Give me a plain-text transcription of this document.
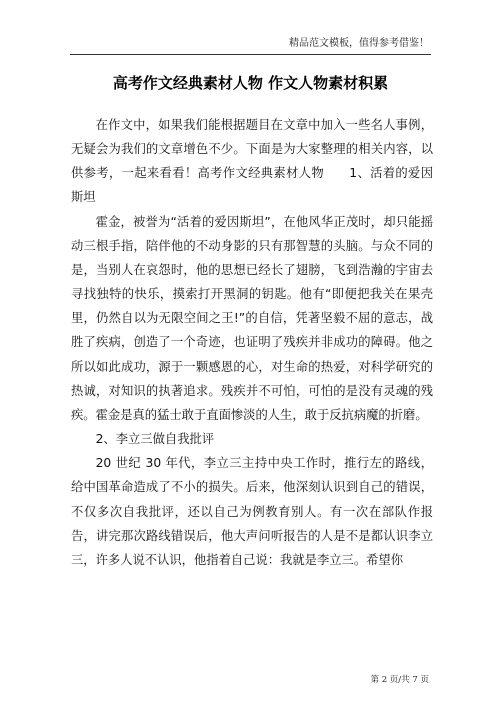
精品范文模板，值得参考借鉴！
高考作文经典素材人物 作文人物素材积累

在作文中，如果我们能根据题目在文章中加入一些名人事例，无疑会为我们的文章增色不少。下面是为大家整理的相关内容，以供参考，一起来看看！高考作文经典素材人物　　1、活着的爱因斯坦

霍金，被誉为“活着的爱因斯坦”，在他风华正茂时，却只能摇动三根手指，陪伴他的不动身影的只有那智慧的头脑。与众不同的是，当别人在哀怨时，他的思想已经长了翅膀，飞到浩瀚的宇宙去寻找独特的快乐，摸索打开黑洞的钥匙。他有“即便把我关在果壳里，仍然自以为无限空间之王!”的自信，凭著坚毅不屈的意志，战胜了疾病，创造了一个奇迹，也证明了残疾并非成功的障碍。他之所以如此成功，源于一颗感恩的心，对生命的热爱，对科学研究的热诚，对知识的执著追求。残疾并不可怕，可怕的是没有灵魂的残疾。霍金是真的猛士敢于直面惨淡的人生，敢于反抗病魔的折磨。

2、李立三做自我批评

20 世纪 30 年代，李立三主持中央工作时，推行左的路线，给中国革命造成了不小的损失。后来，他深刻认识到自己的错误，不仅多次自我批评，还以自己为例教育别人。有一次在部队作报告，讲完那次路线错误后，他大声问听报告的人是不是都认识李立三，许多人说不认识，他指着自己说：我就是李立三。希望你

第 2 页/共 7 页
